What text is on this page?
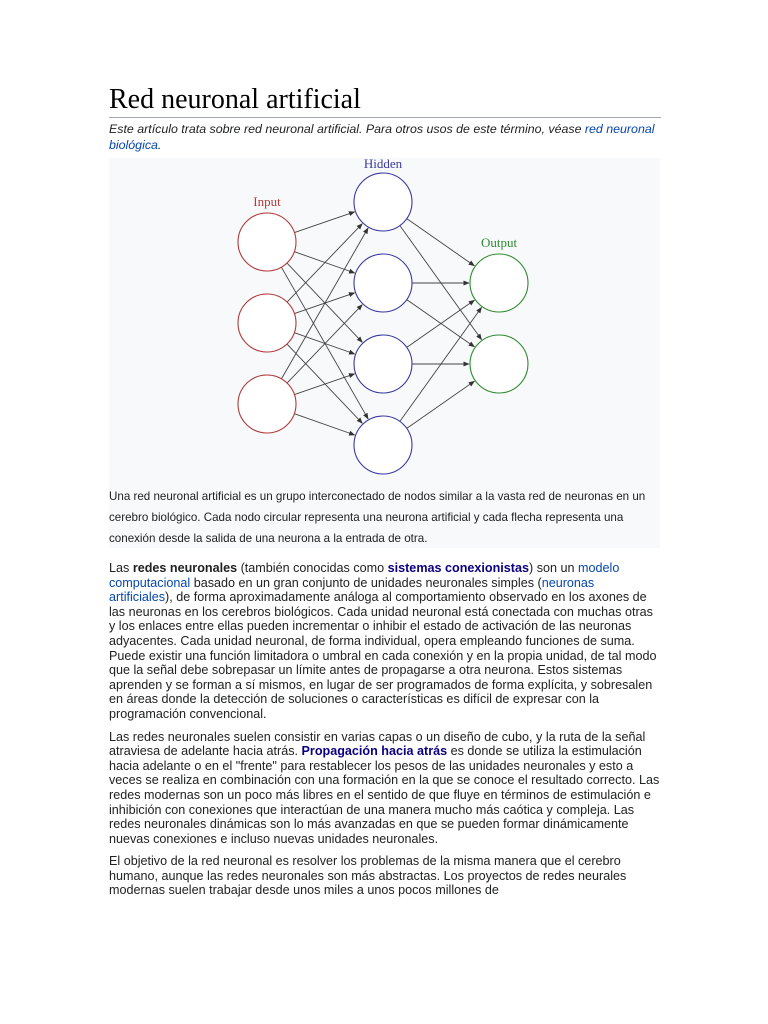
Red neuronal artificial

Este artículo trata sobre red neuronal artificial. Para otros usos de este término, véase red neuronal biológica.

Input
Hidden
Output
Una red neuronal artificial es un grupo interconectado de nodos similar a la vasta red de neuronas en un cerebro biológico. Cada nodo circular representa una neurona artificial y cada flecha representa una conexión desde la salida de una neurona a la entrada de otra.

Las redes neuronales (también conocidas como sistemas conexionistas) son un modelo computacional basado en un gran conjunto de unidades neuronales simples (neuronas artificiales), de forma aproximadamente análoga al comportamiento observado en los axones de las neuronas en los cerebros biológicos. Cada unidad neuronal está conectada con muchas otras y los enlaces entre ellas pueden incrementar o inhibir el estado de activación de las neuronas adyacentes. Cada unidad neuronal, de forma individual, opera empleando funciones de suma. Puede existir una función limitadora o umbral en cada conexión y en la propia unidad, de tal modo que la señal debe sobrepasar un límite antes de propagarse a otra neurona. Estos sistemas aprenden y se forman a sí mismos, en lugar de ser programados de forma explícita, y sobresalen en áreas donde la detección de soluciones o características es difícil de expresar con la programación convencional.

Las redes neuronales suelen consistir en varias capas o un diseño de cubo, y la ruta de la señal atraviesa de adelante hacia atrás. Propagación hacia atrás es donde se utiliza la estimulación hacia adelante o en el "frente" para restablecer los pesos de las unidades neuronales y esto a veces se realiza en combinación con una formación en la que se conoce el resultado correcto. Las redes modernas son un poco más libres en el sentido de que fluye en términos de estimulación e inhibición con conexiones que interactúan de una manera mucho más caótica y compleja. Las redes neuronales dinámicas son lo más avanzadas en que se pueden formar dinámicamente nuevas conexiones e incluso nuevas unidades neuronales.

El objetivo de la red neuronal es resolver los problemas de la misma manera que el cerebro humano, aunque las redes neuronales son más abstractas. Los proyectos de redes neurales modernas suelen trabajar desde unos miles a unos pocos millones de
